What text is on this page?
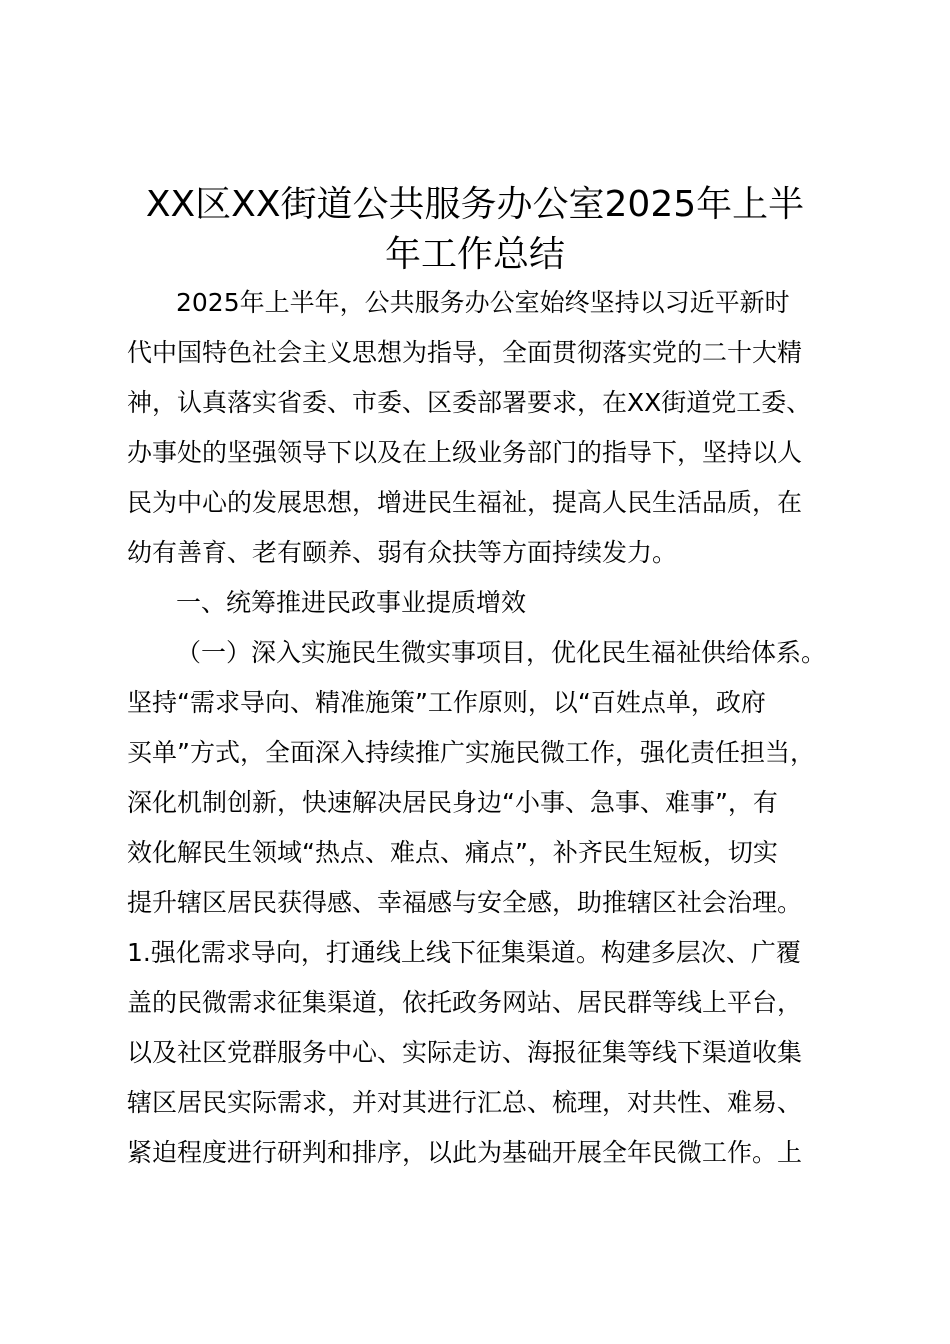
XX区XX街道公共服务办公室2025年上半
年工作总结

2025年上半年，公共服务办公室始终坚持以习近平新时

代中国特色社会主义思想为指导，全面贯彻落实党的二十大精

神，认真落实省委、市委、区委部署要求，在XX街道党工委、

办事处的坚强领导下以及在上级业务部门的指导下，坚持以人

民为中心的发展思想，增进民生福祉，提高人民生活品质，在

幼有善育、老有颐养、弱有众扶等方面持续发力。

一、统筹推进民政事业提质增效

（一）深入实施民生微实事项目，优化民生福祉供给体系。

坚持“需求导向、精准施策”工作原则，以“百姓点单，政府

买单”方式，全面深入持续推广实施民微工作，强化责任担当，

深化机制创新，快速解决居民身边“小事、急事、难事”，有

效化解民生领域“热点、难点、痛点”，补齐民生短板，切实

提升辖区居民获得感、幸福感与安全感，助推辖区社会治理。

1.强化需求导向，打通线上线下征集渠道。构建多层次、广覆

盖的民微需求征集渠道，依托政务网站、居民群等线上平台，

以及社区党群服务中心、实际走访、海报征集等线下渠道收集

辖区居民实际需求，并对其进行汇总、梳理，对共性、难易、

紧迫程度进行研判和排序，以此为基础开展全年民微工作。上
